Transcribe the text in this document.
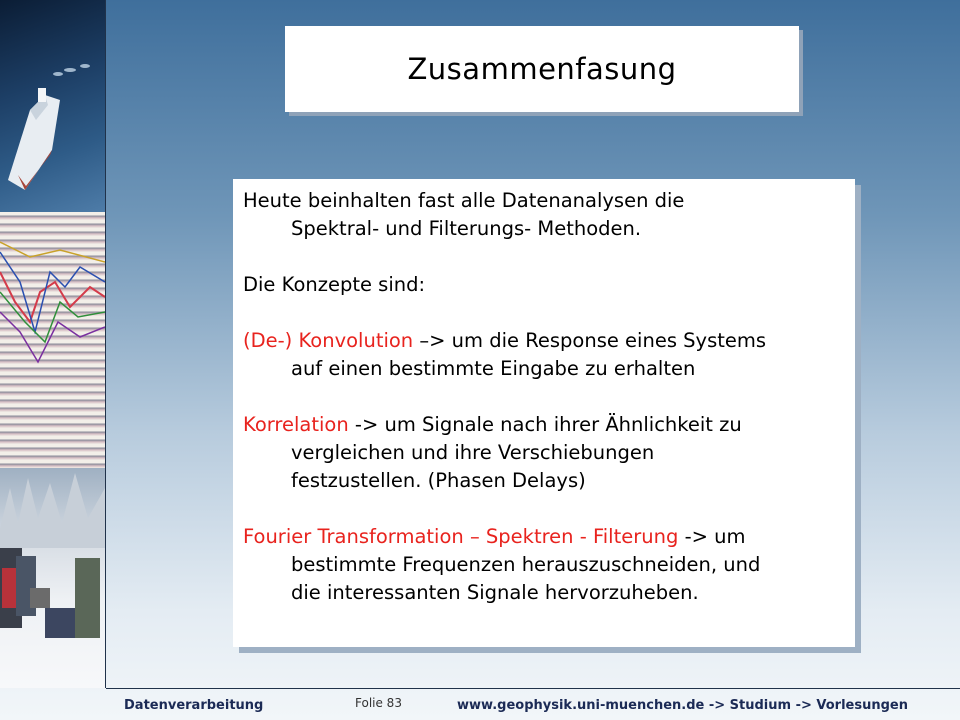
Zusammenfasung

Heute beinhalten fast alle Datenanalysen die
Spektral- und Filterungs- Methoden.

Die Konzepte sind:

(De-) Konvolution –> um die Response eines Systems
auf einen bestimmte Eingabe zu erhalten

Korrelation -> um Signale nach ihrer Ähnlichkeit zu
vergleichen und ihre Verschiebungen
festzustellen. (Phasen Delays)

Fourier Transformation – Spektren - Filterung -> um
bestimmte Frequenzen herauszuschneiden, und
die interessanten Signale hervorzuheben.

Datenverarbeitung	Folie 83	www.geophysik.uni-muenchen.de -> Studium -> Vorlesungen
